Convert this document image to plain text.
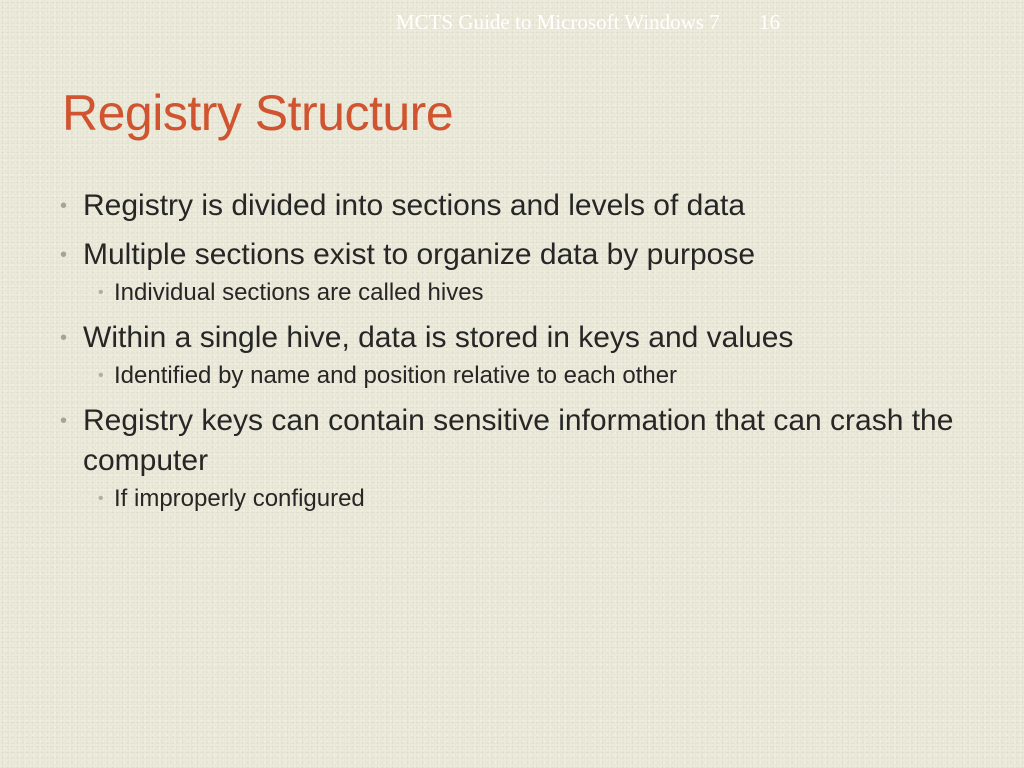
MCTS Guide to Microsoft Windows 7 16
Registry Structure
• Registry is divided into sections and levels of data
• Multiple sections exist to organize data by purpose
• Individual sections are called hives
• Within a single hive, data is stored in keys and values
• Identified by name and position relative to each other
• Registry keys can contain sensitive information that can crash the computer
• If improperly configured
